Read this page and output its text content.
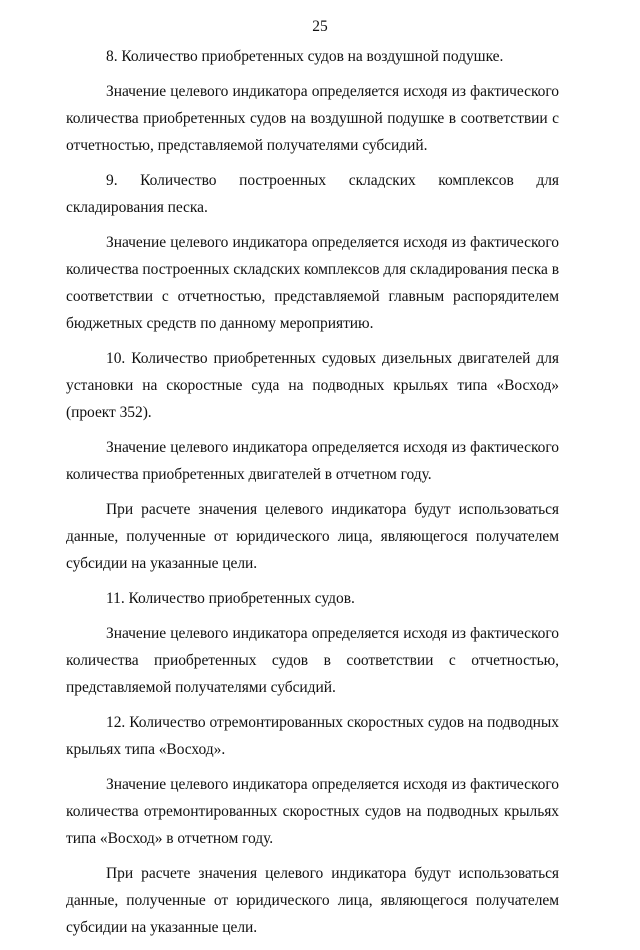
25

8. Количество приобретенных судов на воздушной подушке.

Значение целевого индикатора определяется исходя из фактического количества приобретенных судов на воздушной подушке в соответствии с отчетностью, представляемой получателями субсидий.

9. Количество построенных складских комплексов для складирования песка.

Значение целевого индикатора определяется исходя из фактического количества построенных складских комплексов для складирования песка в соответствии с отчетностью, представляемой главным распорядителем бюджетных средств по данному мероприятию.

10. Количество приобретенных судовых дизельных двигателей для установки на скоростные суда на подводных крыльях типа «Восход» (проект 352).

Значение целевого индикатора определяется исходя из фактического количества приобретенных двигателей в отчетном году.

При расчете значения целевого индикатора будут использоваться данные, полученные от юридического лица, являющегося получателем субсидии на указанные цели.

11. Количество приобретенных судов.

Значение целевого индикатора определяется исходя из фактического количества приобретенных судов в соответствии с отчетностью, представляемой получателями субсидий.

12. Количество отремонтированных скоростных судов на подводных крыльях типа «Восход».

Значение целевого индикатора определяется исходя из фактического количества отремонтированных скоростных судов на подводных крыльях типа «Восход» в отчетном году.

При расчете значения целевого индикатора будут использоваться данные, полученные от юридического лица, являющегося получателем субсидии на указанные цели.
